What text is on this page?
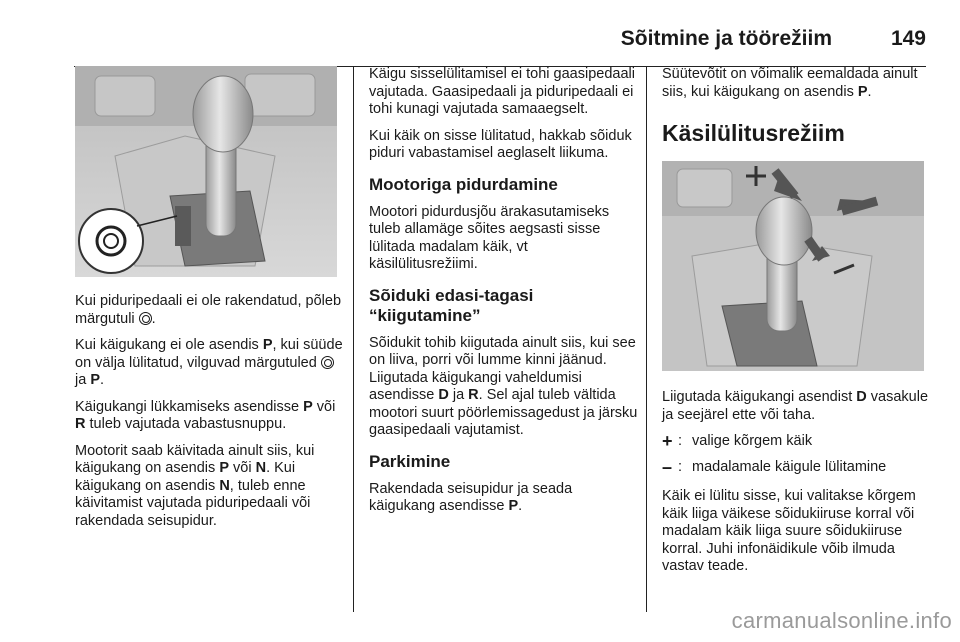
Sõitmine ja töörežiim	149

Kui piduripedaali ei ole rakendatud, põleb märgutuli .

Kui käigukang ei ole asendis P, kui süüde on välja lülitatud, vilguvad märgutuled  ja P.

Käigukangi lükkamiseks asendisse P või R tuleb vajutada vabastusnuppu.

Mootorit saab käivitada ainult siis, kui käigukang on asendis P või N. Kui käigukang on asendis N, tuleb enne käivitamist vajutada piduripedaali või rakendada seisupidur.

Käigu sisselülitamisel ei tohi gaasipedaali vajutada. Gaasipedaali ja piduripedaali ei tohi kunagi vajutada samaaegselt.

Kui käik on sisse lülitatud, hakkab sõiduk piduri vabastamisel aeglaselt liikuma.

Mootoriga pidurdamine

Mootori pidurdusjõu ärakasutamiseks tuleb allamäge sõites aegsasti sisse lülitada madalam käik, vt käsilülitusrežiimi.

Sõiduki edasi-tagasi
“kiigutamine”

Sõidukit tohib kiigutada ainult siis, kui see on liiva, porri või lumme kinni jäänud. Liigutada käigukangi vaheldumisi asendisse D ja R. Sel ajal tuleb vältida mootori suurt pöörlemissagedust ja järsku gaasipedaali vajutamist.

Parkimine

Rakendada seisupidur ja seada käigukang asendisse P.

Süütevõtit on võimalik eemaldada ainult siis, kui käigukang on asendis P.

Käsilülitusrežiim

Liigutada käigukangi asendist D vasakule ja seejärel ette või taha.

+ : valige kõrgem käik
– : madalamale käigule lülitamine

Käik ei lülitu sisse, kui valitakse kõrgem käik liiga väikese sõidukiiruse korral või madalam käik liiga suure sõidukiiruse korral. Juhi infonäidikule võib ilmuda vastav teade.

carmanualsonline.info
